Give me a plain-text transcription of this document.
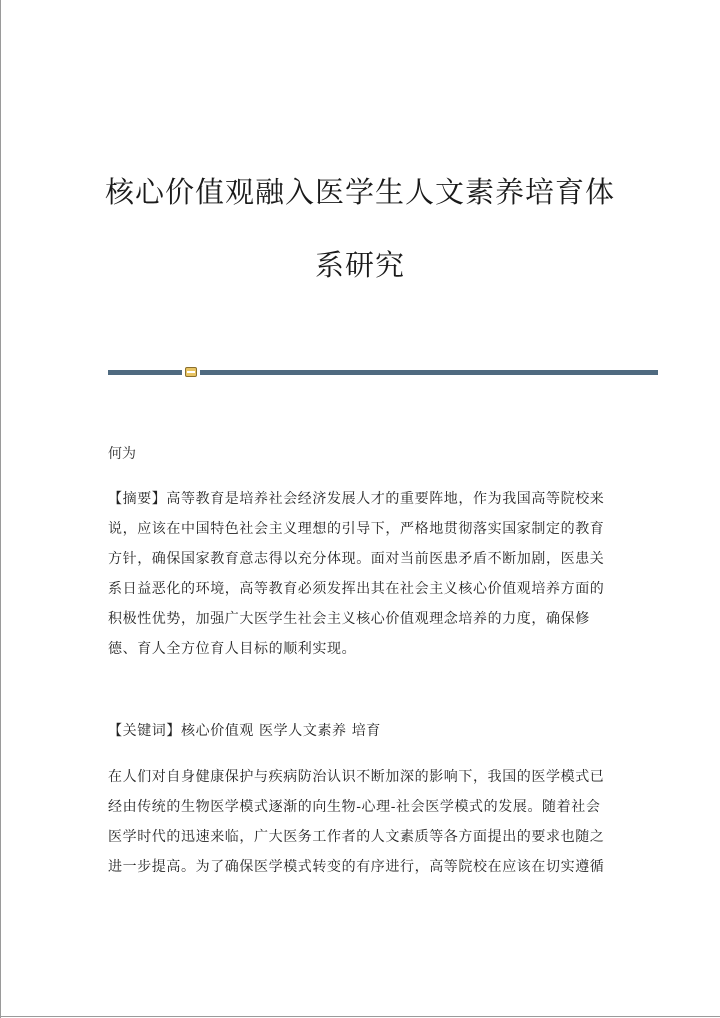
核心价值观融入医学生人文素养培育体
系研究
何为
【摘要】高等教育是培养社会经济发展人才的重要阵地，作为我国高等院校来
说，应该在中国特色社会主义理想的引导下，严格地贯彻落实国家制定的教育
方针，确保国家教育意志得以充分体现。面对当前医患矛盾不断加剧，医患关
系日益恶化的环境，高等教育必须发挥出其在社会主义核心价值观培养方面的
积极性优势，加强广大医学生社会主义核心价值观理念培养的力度，确保修
德、育人全方位育人目标的顺利实现。
【关键词】核心价值观 医学人文素养 培育
在人们对自身健康保护与疾病防治认识不断加深的影响下，我国的医学模式已
经由传统的生物医学模式逐渐的向生物-心理-社会医学模式的发展。随着社会
医学时代的迅速来临，广大医务工作者的人文素质等各方面提出的要求也随之
进一步提高。为了确保医学模式转变的有序进行，高等院校在应该在切实遵循
